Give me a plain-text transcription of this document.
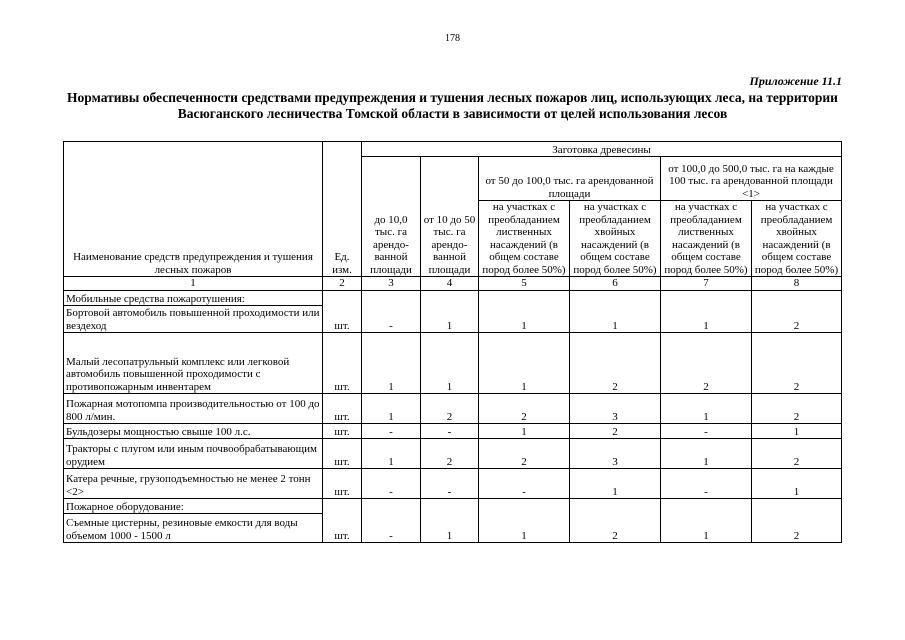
178
Приложение 11.1
Нормативы обеспеченности средствами предупреждения и тушения лесных пожаров лиц, использующих леса, на территории Васюганского лесничества Томской области в зависимости от целей использования лесов
Наименование средств предупреждения и тушения лесных пожаров	Ед. изм.	Заготовка древесины					
		до 10,0 тыс. га арендо-ванной площади	от 10 до 50 тыс. га арендо-ванной площади	от 50 до 100,0 тыс. га арендованной площади		от 100,0 до 500,0 тыс. га на каждые 100 тыс. га арендованной площади <1>	
				на участках с преобладанием лиственных насаждений (в общем составе пород более 50%)	на участках с преобладанием хвойных насаждений (в общем составе пород более 50%)	на участках с преобладанием лиственных насаждений (в общем составе пород более 50%)	на участках с преобладанием хвойных насаждений (в общем составе пород более 50%)
1	2	3	4	5	6	7	8
Мобильные средства пожаротушения:							
Бортовой автомобиль повышенной проходимости или вездеход	шт.	-	1	1	1	1	2
Малый лесопатрульный комплекс или легковой автомобиль повышенной проходимости с противопожарным инвентарем	шт.	1	1	1	2	2	2
Пожарная мотопомпа производительностью от 100 до 800 л/мин.	шт.	1	2	2	3	1	2
Бульдозеры мощностью свыше 100 л.с.	шт.	-	-	1	2	-	1
Тракторы с плугом или иным почвообрабатывающим орудием	шт.	1	2	2	3	1	2
Катера речные, грузоподъемностью не менее 2 тонн <2>	шт.	-	-	-	1	-	1
Пожарное оборудование:							
Съемные цистерны, резиновые емкости для воды объемом 1000 - 1500 л	шт.	-	1	1	2	1	2
